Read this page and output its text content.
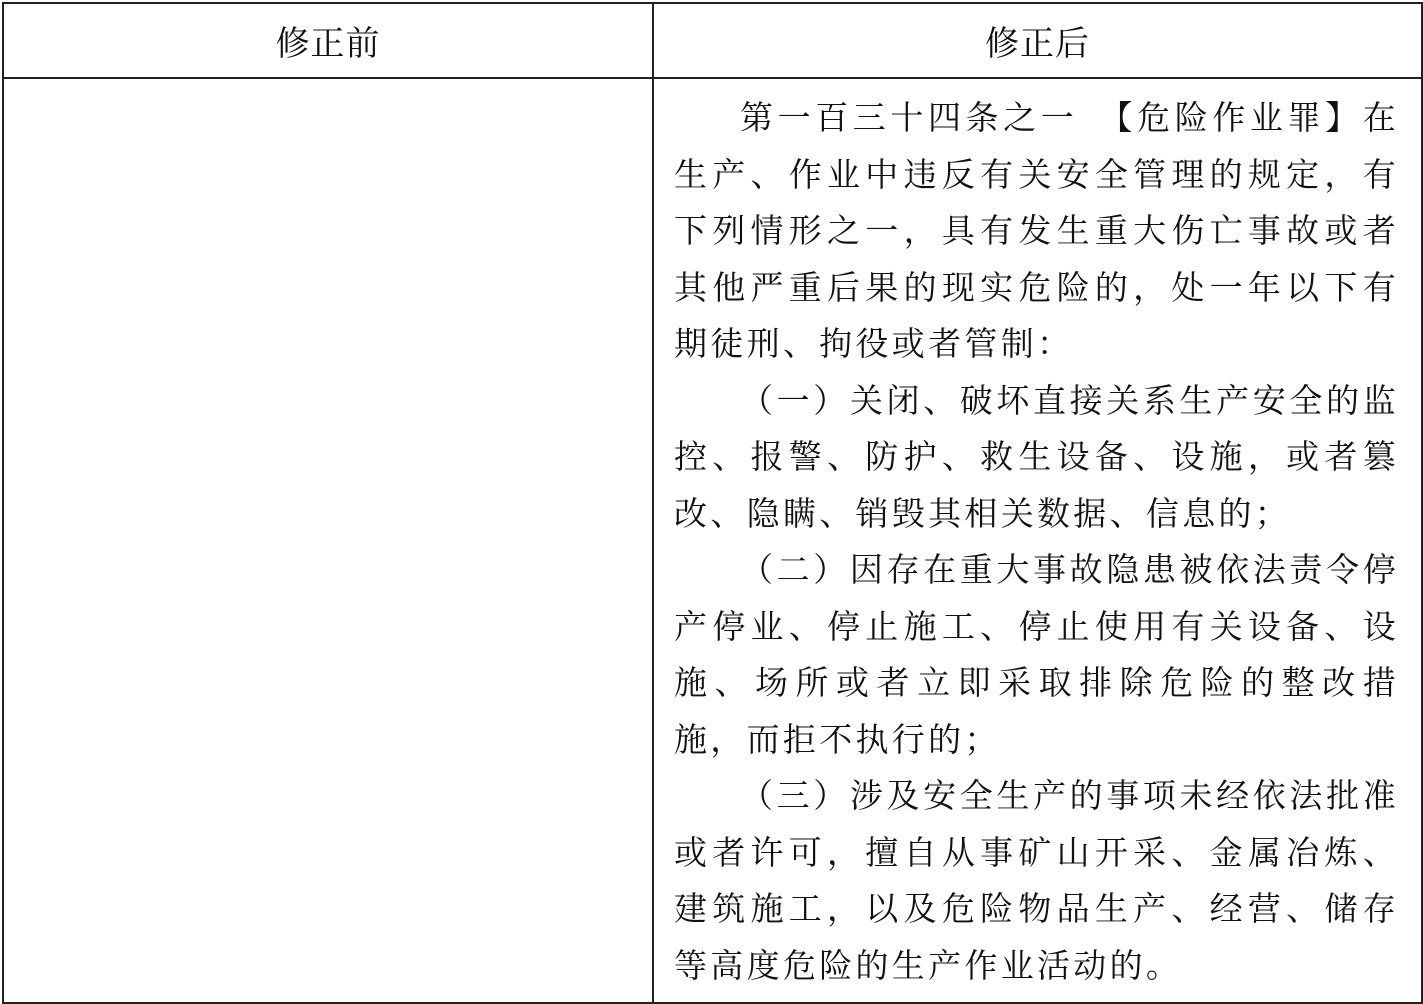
修正前	修正后

	第一百三十四条之一　【危险作业罪】在生产、作业中违反有关安全管理的规定，有下列情形之一，具有发生重大伤亡事故或者其他严重后果的现实危险的，处一年以下有期徒刑、拘役或者管制：

（一）关闭、破坏直接关系生产安全的监控、报警、防护、救生设备、设施，或者篡改、隐瞒、销毁其相关数据、信息的；

（二）因存在重大事故隐患被依法责令停产停业、停止施工、停止使用有关设备、设施、场所或者立即采取排除危险的整改措施，而拒不执行的；

（三）涉及安全生产的事项未经依法批准或者许可，擅自从事矿山开采、金属冶炼、建筑施工，以及危险物品生产、经营、储存等高度危险的生产作业活动的。
